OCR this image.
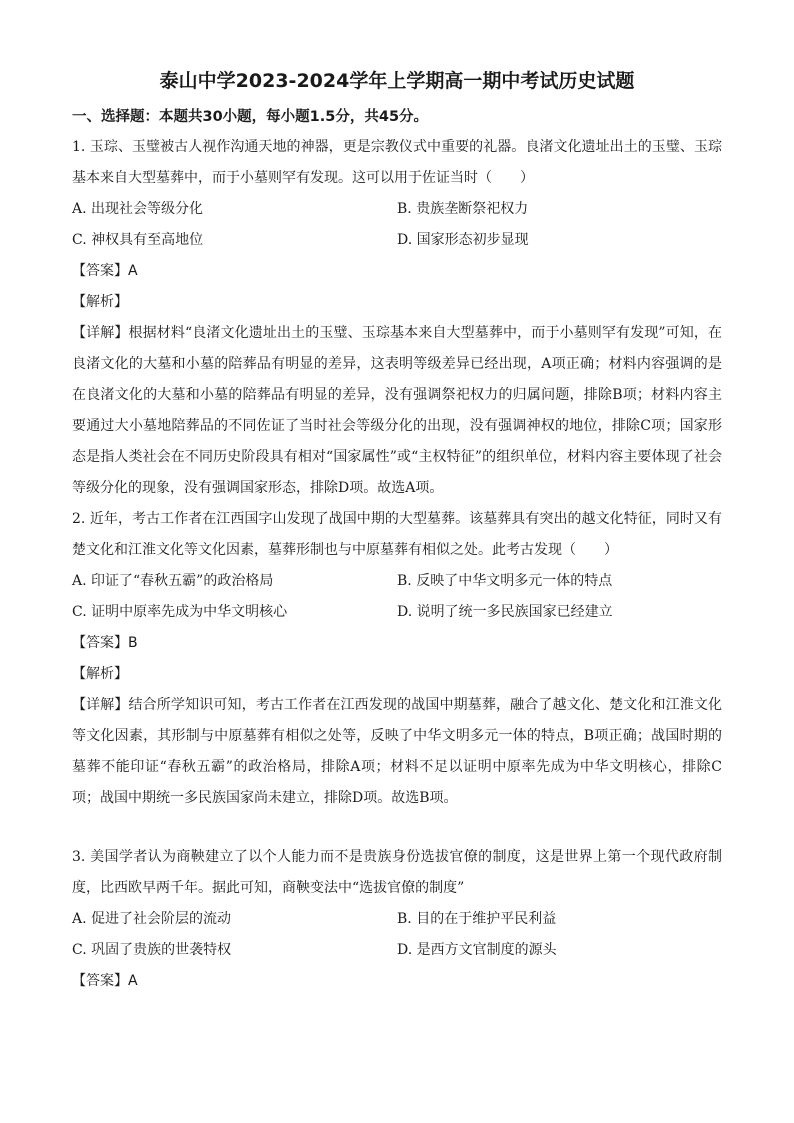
泰山中学2023-2024学年上学期高一期中考试历史试题

一、选择题：本题共30小题，每小题1.5分，共45分。

1. 玉琮、玉璧被古人视作沟通天地的神器，更是宗教仪式中重要的礼器。良渚文化遗址出土的玉璧、玉琮基本来自大型墓葬中，而于小墓则罕有发现。这可以用于佐证当时（　　）

A. 出现社会等级分化	B. 贵族垄断祭祀权力
C. 神权具有至高地位	D. 国家形态初步显现

【答案】A

【解析】

【详解】根据材料“良渚文化遗址出土的玉璧、玉琮基本来自大型墓葬中，而于小墓则罕有发现”可知，在良渚文化的大墓和小墓的陪葬品有明显的差异，这表明等级差异已经出现，A项正确；材料内容强调的是在良渚文化的大墓和小墓的陪葬品有明显的差异，没有强调祭祀权力的归属问题，排除B项；材料内容主要通过大小墓地陪葬品的不同佐证了当时社会等级分化的出现，没有强调神权的地位，排除C项；国家形态是指人类社会在不同历史阶段具有相对“国家属性”或“主权特征”的组织单位，材料内容主要体现了社会等级分化的现象，没有强调国家形态，排除D项。故选A项。

2. 近年，考古工作者在江西国字山发现了战国中期的大型墓葬。该墓葬具有突出的越文化特征，同时又有楚文化和江淮文化等文化因素，墓葬形制也与中原墓葬有相似之处。此考古发现（　　）

A. 印证了“春秋五霸”的政治格局	B. 反映了中华文明多元一体的特点
C. 证明中原率先成为中华文明核心	D. 说明了统一多民族国家已经建立

【答案】B

【解析】

【详解】结合所学知识可知，考古工作者在江西发现的战国中期墓葬，融合了越文化、楚文化和江淮文化等文化因素，其形制与中原墓葬有相似之处等，反映了中华文明多元一体的特点，B项正确；战国时期的墓葬不能印证“春秋五霸”的政治格局，排除A项；材料不足以证明中原率先成为中华文明核心，排除C项；战国中期统一多民族国家尚未建立，排除D项。故选B项。

3. 美国学者认为商鞅建立了以个人能力而不是贵族身份选拔官僚的制度，这是世界上第一个现代政府制度，比西欧早两千年。据此可知，商鞅变法中“选拔官僚的制度”

A. 促进了社会阶层的流动	B. 目的在于维护平民利益
C. 巩固了贵族的世袭特权	D. 是西方文官制度的源头

【答案】A
